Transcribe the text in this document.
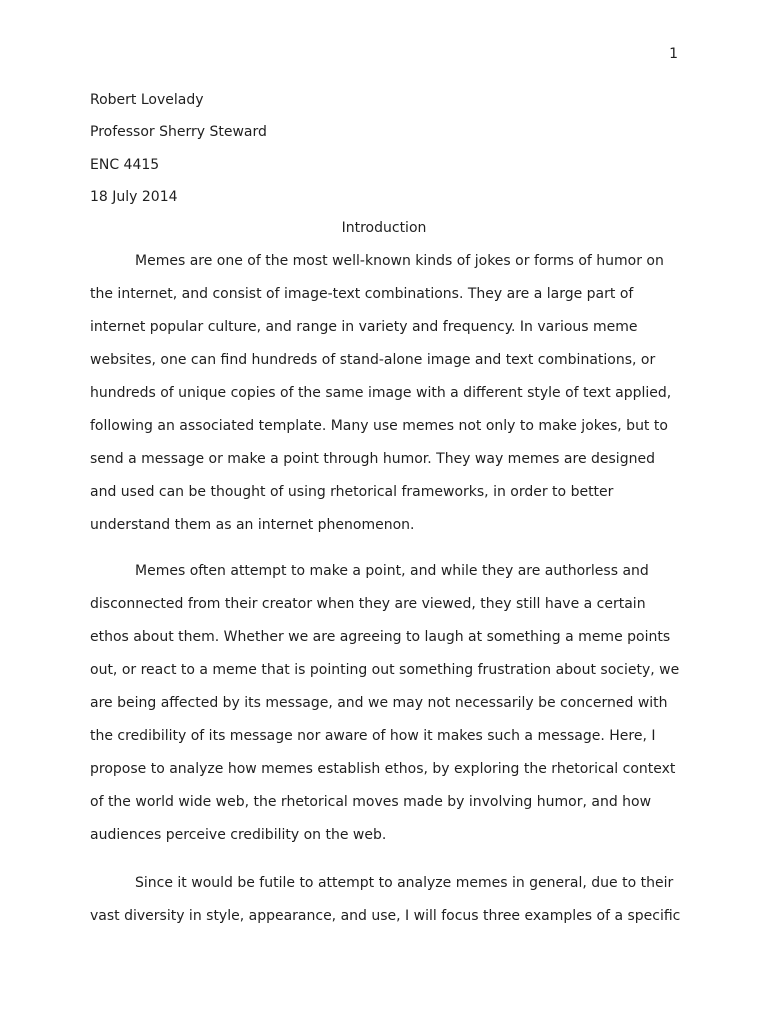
1
Robert Lovelady
Professor Sherry Steward
ENC 4415
18 July 2014
Introduction
Memes are one of the most well-known kinds of jokes or forms of humor on
the internet, and consist of image-text combinations. They are a large part of
internet popular culture, and range in variety and frequency. In various meme
websites, one can find hundreds of stand-alone image and text combinations, or
hundreds of unique copies of the same image with a different style of text applied,
following an associated template. Many use memes not only to make jokes, but to
send a message or make a point through humor. They way memes are designed
and used can be thought of using rhetorical frameworks, in order to better
understand them as an internet phenomenon.
Memes often attempt to make a point, and while they are authorless and
disconnected from their creator when they are viewed, they still have a certain
ethos about them. Whether we are agreeing to laugh at something a meme points
out, or react to a meme that is pointing out something frustration about society, we
are being affected by its message, and we may not necessarily be concerned with
the credibility of its message nor aware of how it makes such a message. Here, I
propose to analyze how memes establish ethos, by exploring the rhetorical context
of the world wide web, the rhetorical moves made by involving humor, and how
audiences perceive credibility on the web.
Since it would be futile to attempt to analyze memes in general, due to their
vast diversity in style, appearance, and use, I will focus three examples of a specific
